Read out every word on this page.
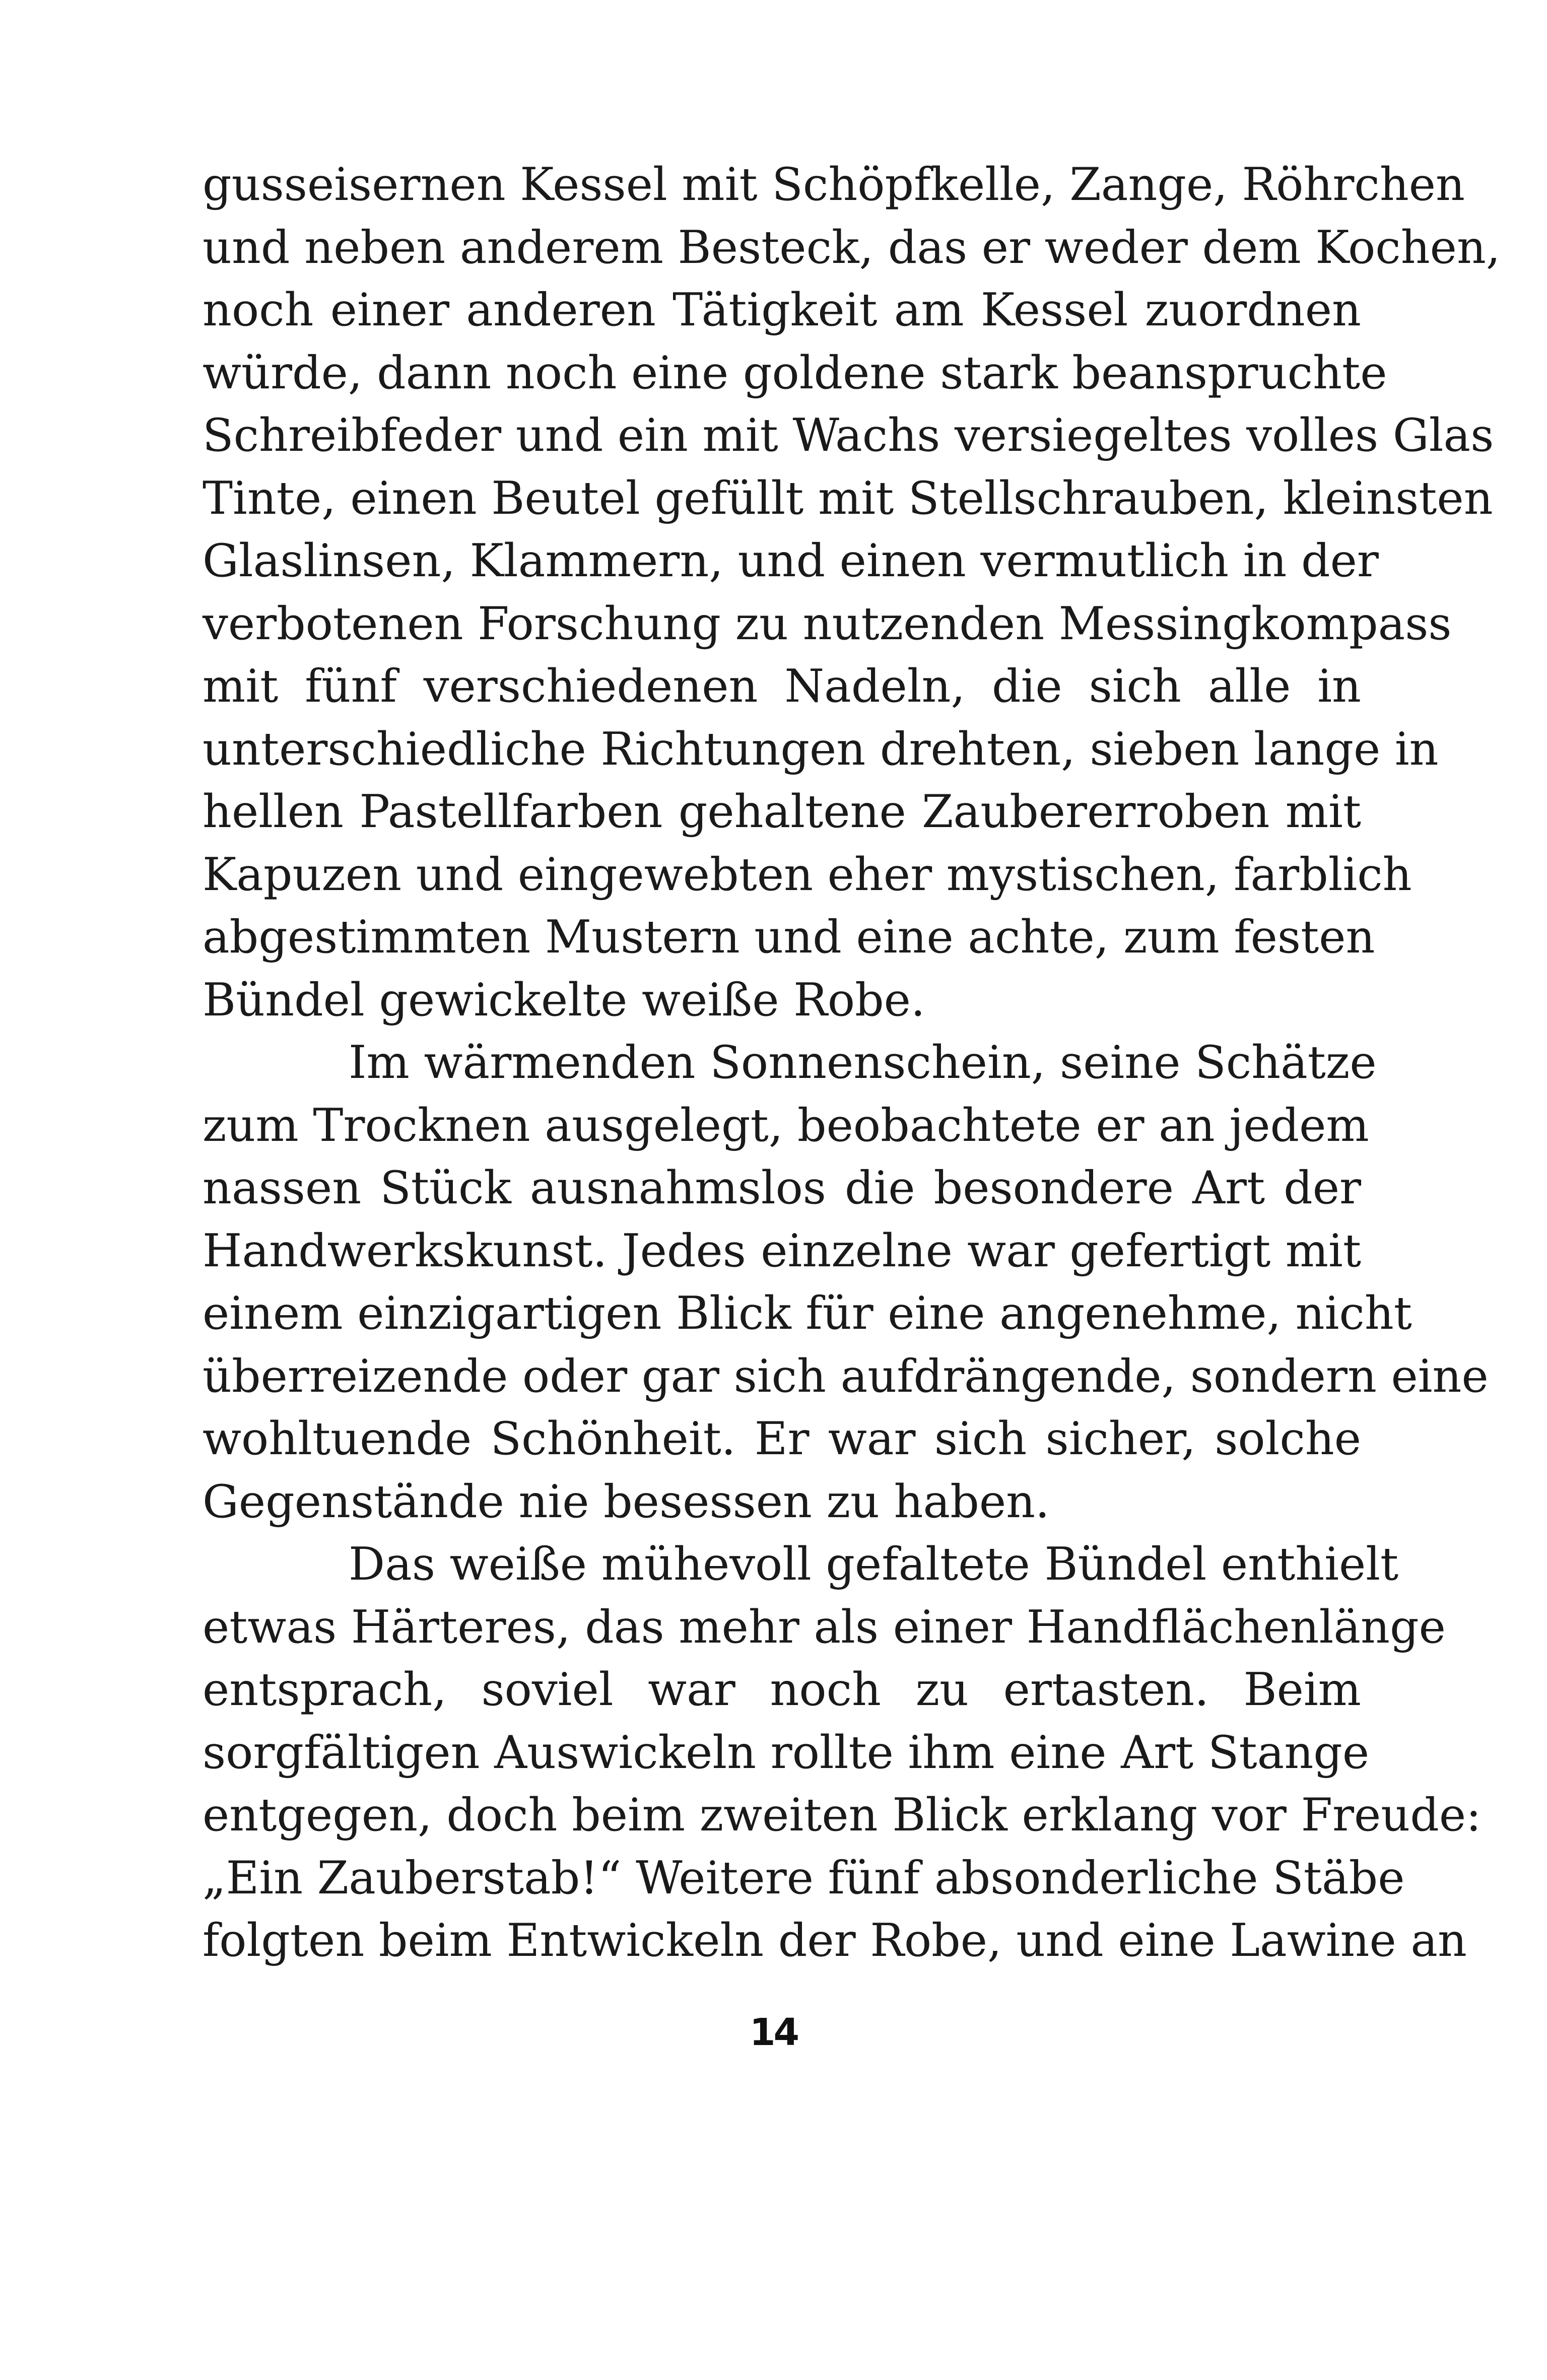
gusseisernen Kessel mit Schöpfkelle, Zange, Röhrchen
und neben anderem Besteck, das er weder dem Kochen,
noch einer anderen Tätigkeit am Kessel zuordnen
würde, dann noch eine goldene stark beanspruchte
Schreibfeder und ein mit Wachs versiegeltes volles Glas
Tinte, einen Beutel gefüllt mit Stellschrauben, kleinsten
Glaslinsen, Klammern, und einen vermutlich in der
verbotenen Forschung zu nutzenden Messingkompass
mit fünf verschiedenen Nadeln, die sich alle in
unterschiedliche Richtungen drehten, sieben lange in
hellen Pastellfarben gehaltene Zaubererroben mit
Kapuzen und eingewebten eher mystischen, farblich
abgestimmten Mustern und eine achte, zum festen
Bündel gewickelte weiße Robe.
Im wärmenden Sonnenschein, seine Schätze
zum Trocknen ausgelegt, beobachtete er an jedem
nassen Stück ausnahmslos die besondere Art der
Handwerkskunst. Jedes einzelne war gefertigt mit
einem einzigartigen Blick für eine angenehme, nicht
überreizende oder gar sich aufdrängende, sondern eine
wohltuende Schönheit. Er war sich sicher, solche
Gegenstände nie besessen zu haben.
Das weiße mühevoll gefaltete Bündel enthielt
etwas Härteres, das mehr als einer Handflächenlänge
entsprach, soviel war noch zu ertasten. Beim
sorgfältigen Auswickeln rollte ihm eine Art Stange
entgegen, doch beim zweiten Blick erklang vor Freude:
„Ein Zauberstab!“ Weitere fünf absonderliche Stäbe
folgten beim Entwickeln der Robe, und eine Lawine an
14
